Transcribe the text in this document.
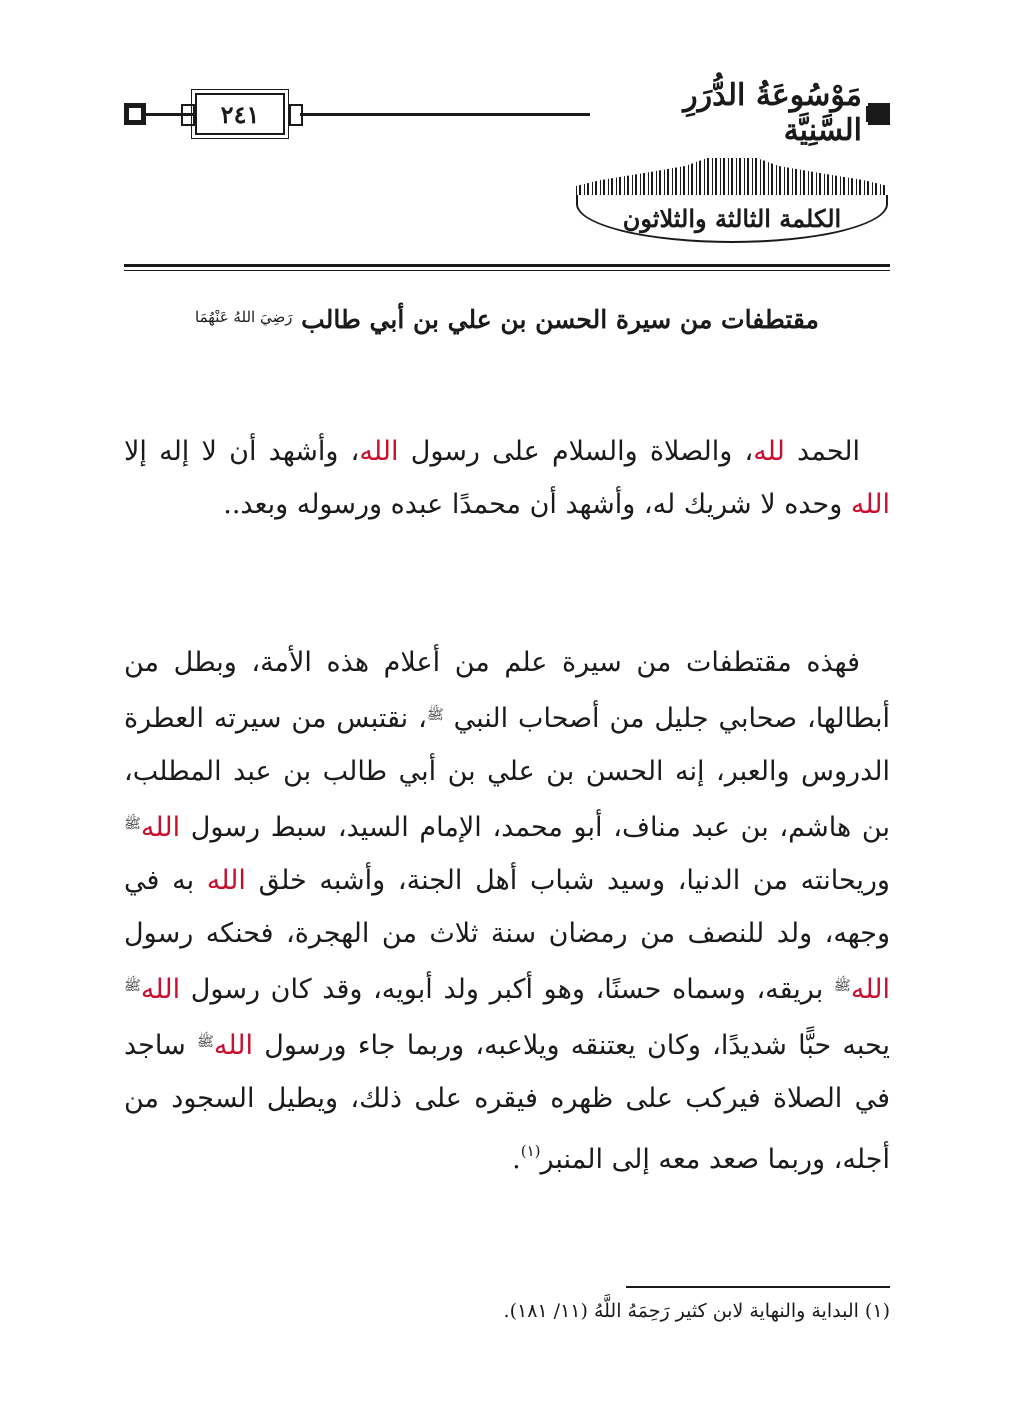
٢٤١
مَوْسُوعَةُ الدُّرَرِ السَّنِيَّة
الكلمة الثالثة والثلاثون
مقتطفات من سيرة الحسن بن علي بن أبي طالب $^{رَضِيَ اللهُ عَنْهُمَا}$
الحمد لله، والصلاة والسلام على رسول الله، وأشهد أن لا إله إلا الله وحده لا شريك له، وأشهد أن محمدًا عبده ورسوله وبعد..
فهذه مقتطفات من سيرة علم من أعلام هذه الأمة، وبطل من أبطالها، صحابي جليل من أصحاب النبي $^ﷺ$، نقتبس من سيرته العطرة الدروس والعبر، إنه الحسن بن علي بن أبي طالب بن عبد المطلب، بن هاشم، بن عبد مناف، أبو محمد، الإمام السيد، سبط رسول الله$^ﷺ$ وريحانته من الدنيا، وسيد شباب أهل الجنة، وأشبه خلق الله به في وجهه، ولد للنصف من رمضان سنة ثلاث من الهجرة، فحنكه رسول الله$^ﷺ$ بريقه، وسماه حسنًا، وهو أكبر ولد أبويه، وقد كان رسول الله$^ﷺ$ يحبه حبًّا شديدًا، وكان يعتنقه ويلاعبه، وربما جاء ورسول الله$^ﷺ$ ساجد في الصلاة فيركب على ظهره فيقره على ذلك، ويطيل السجود من أجله، وربما صعد معه إلى المنبر$^{(١)}$.
(١) البداية والنهاية لابن كثير رَحِمَهُ اللَّهُ (١١/ ١٨١).
